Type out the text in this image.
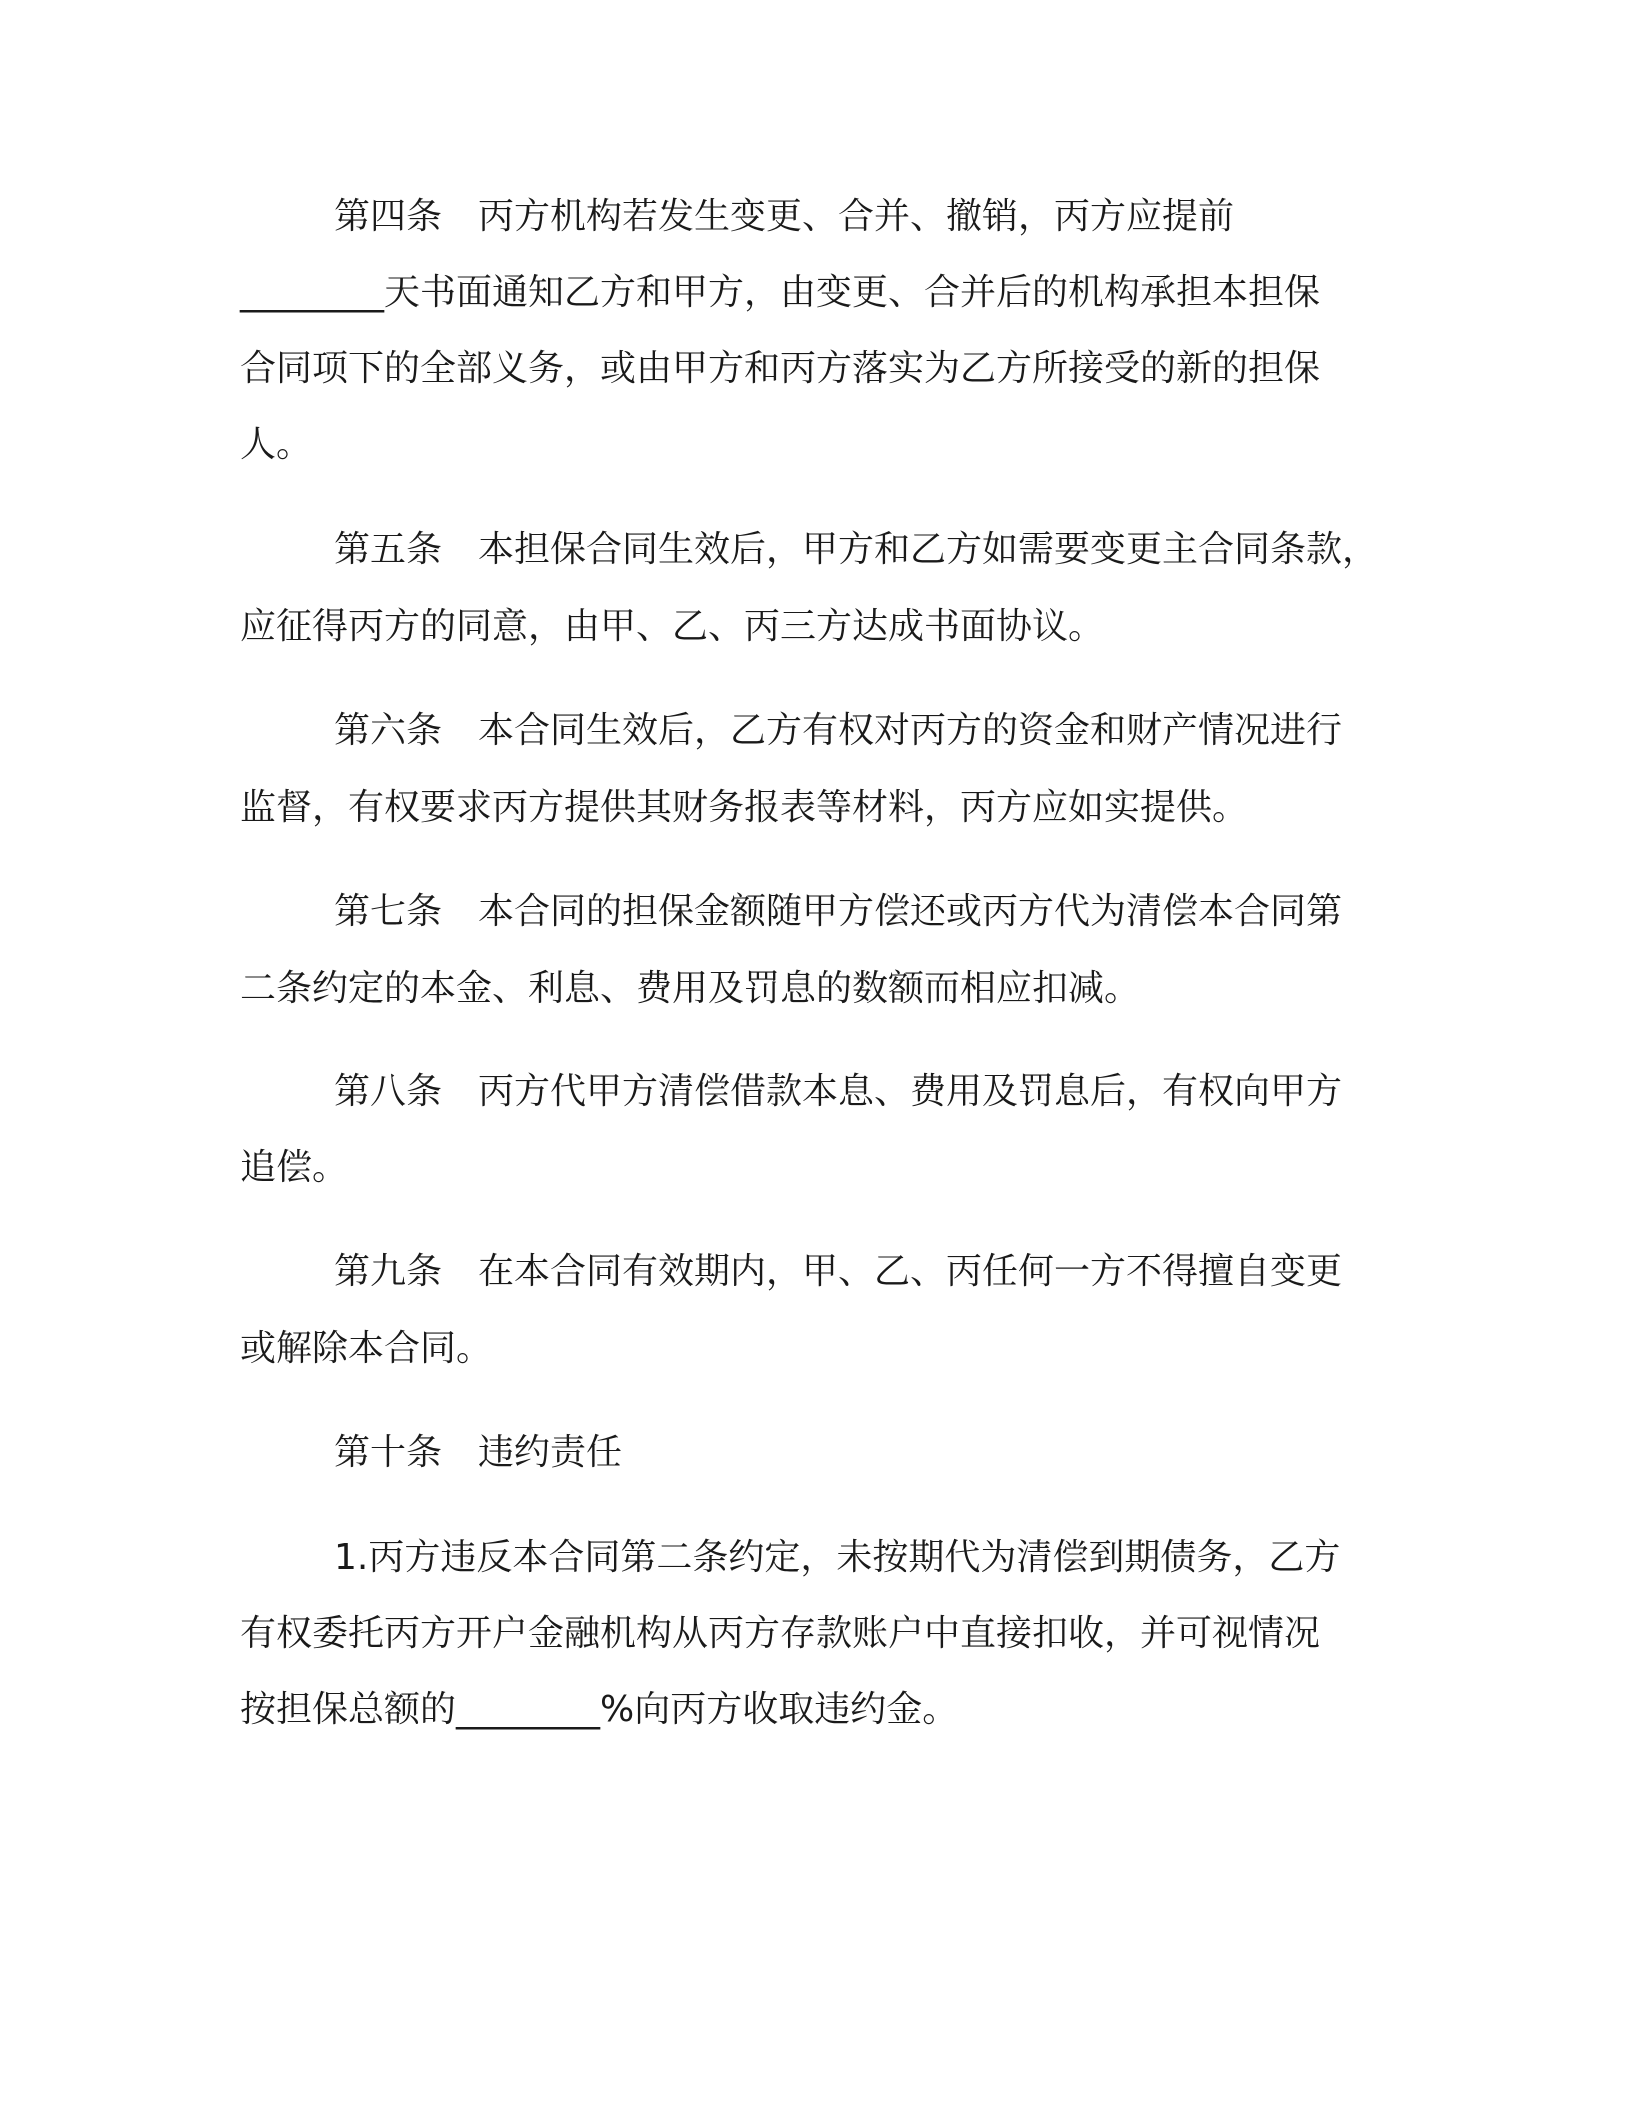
第四条　丙方机构若发生变更、合并、撤销，丙方应提前

________天书面通知乙方和甲方，由变更、合并后的机构承担本担保

合同项下的全部义务，或由甲方和丙方落实为乙方所接受的新的担保

人。

第五条　本担保合同生效后，甲方和乙方如需要变更主合同条款，

应征得丙方的同意，由甲、乙、丙三方达成书面协议。

第六条　本合同生效后，乙方有权对丙方的资金和财产情况进行

监督，有权要求丙方提供其财务报表等材料，丙方应如实提供。

第七条　本合同的担保金额随甲方偿还或丙方代为清偿本合同第

二条约定的本金、利息、费用及罚息的数额而相应扣减。

第八条　丙方代甲方清偿借款本息、费用及罚息后，有权向甲方

追偿。

第九条　在本合同有效期内，甲、乙、丙任何一方不得擅自变更

或解除本合同。

第十条　违约责任

1.丙方违反本合同第二条约定，未按期代为清偿到期债务，乙方

有权委托丙方开户金融机构从丙方存款账户中直接扣收，并可视情况

按担保总额的________%向丙方收取违约金。
